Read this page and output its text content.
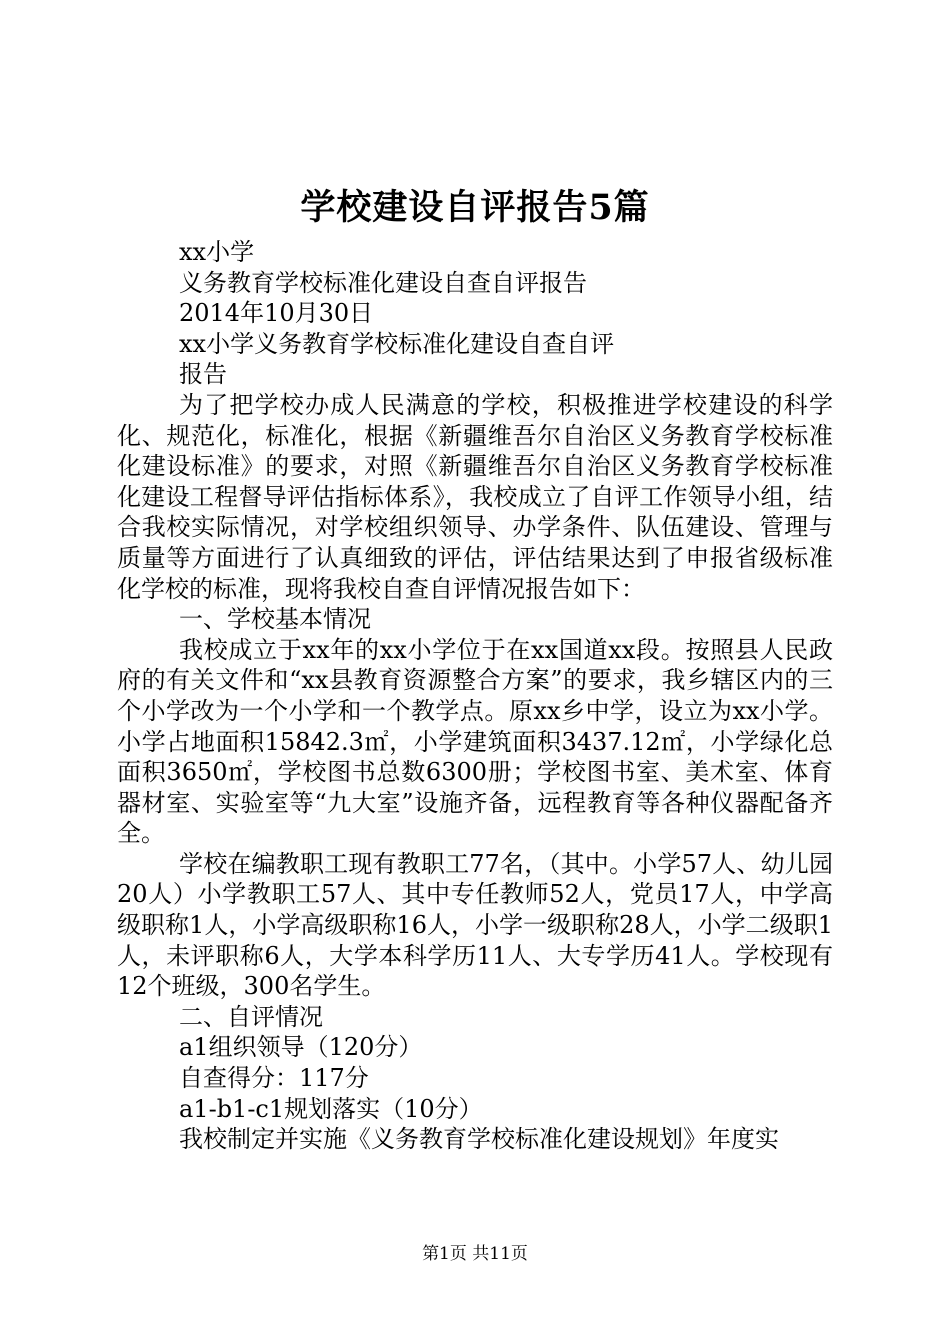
学校建设自评报告5篇

xx小学

义务教育学校标准化建设自查自评报告

2014年10月30日

xx小学义务教育学校标准化建设自查自评

报告

为了把学校办成人民满意的学校，积极推进学校建设的科学化、规范化，标准化，根据《新疆维吾尔自治区义务教育学校标准化建设标准》的要求，对照《新疆维吾尔自治区义务教育学校标准化建设工程督导评估指标体系》，我校成立了自评工作领导小组，结合我校实际情况，对学校组织领导、办学条件、队伍建设、管理与质量等方面进行了认真细致的评估，评估结果达到了申报省级标准化学校的标准，现将我校自查自评情况报告如下：

一、学校基本情况

我校成立于xx年的xx小学位于在xx国道xx段。按照县人民政府的有关文件和“xx县教育资源整合方案”的要求，我乡辖区内的三个小学改为一个小学和一个教学点。原xx乡中学，设立为xx小学。小学占地面积15842.3㎡，小学建筑面积3437.12㎡，小学绿化总面积3650㎡，学校图书总数6300册；学校图书室、美术室、体育器材室、实验室等“九大室”设施齐备，远程教育等各种仪器配备齐全。

学校在编教职工现有教职工77名，（其中。小学57人、幼儿园20人）小学教职工57人、其中专任教师52人，党员17人，中学高级职称1人，小学高级职称16人，小学一级职称28人，小学二级职1人，未评职称6人，大学本科学历11人、大专学历41人。学校现有12个班级，300名学生。

二、自评情况

a1组织领导（120分）

自查得分：117分

a1-b1-c1规划落实（10分）

我校制定并实施《义务教育学校标准化建设规划》年度实

第1页 共11页
